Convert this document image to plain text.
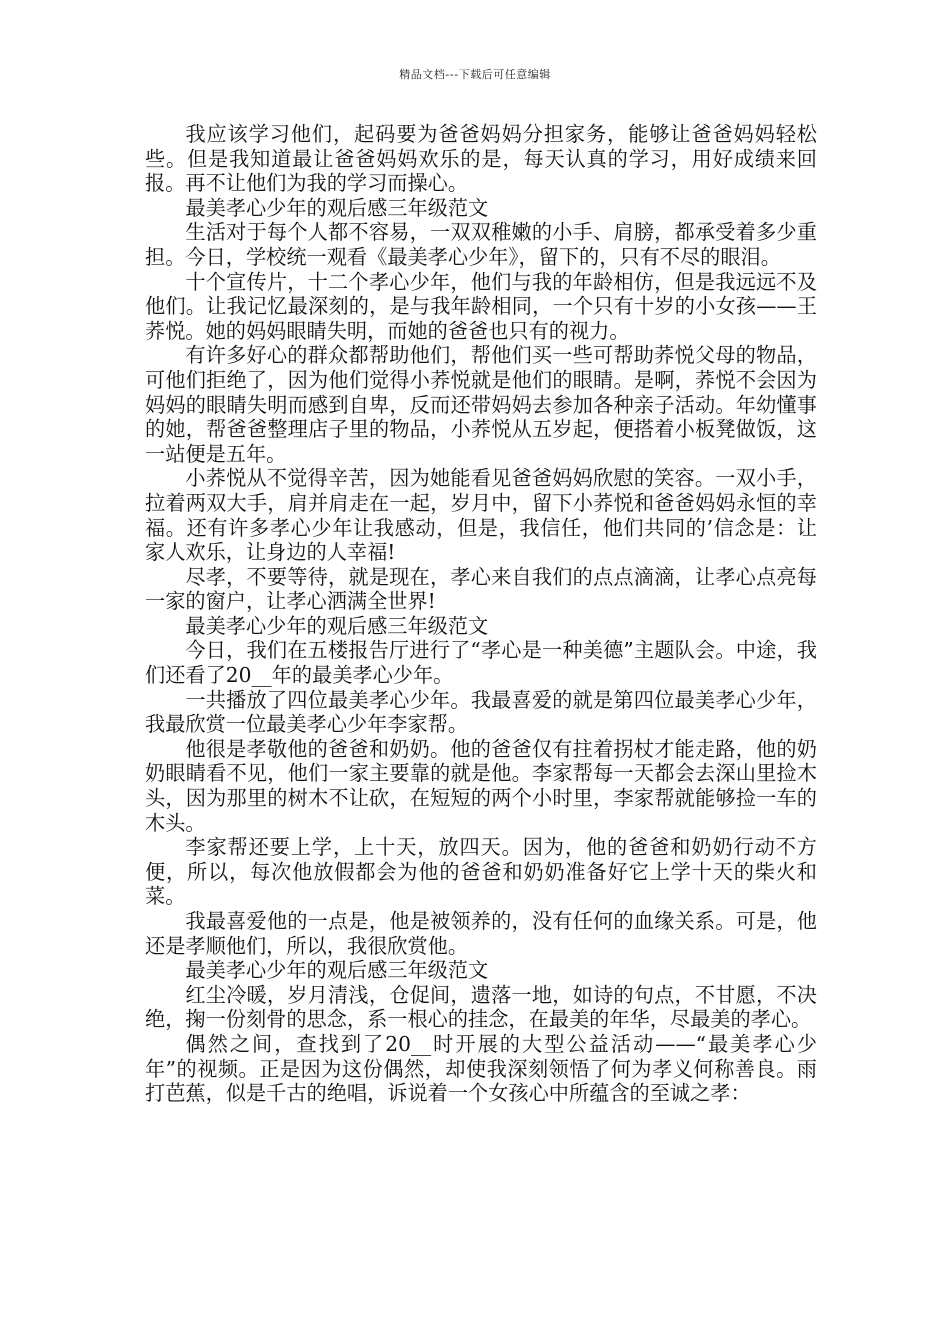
精品文档---下载后可任意编辑

我应该学习他们，起码要为爸爸妈妈分担家务，能够让爸爸妈妈轻松些。但是我知道最让爸爸妈妈欢乐的是，每天认真的学习，用好成绩来回报。再不让他们为我的学习而操心。

最美孝心少年的观后感三年级范文

生活对于每个人都不容易，一双双稚嫩的小手、肩膀，都承受着多少重担。今日，学校统一观看《最美孝心少年》，留下的，只有不尽的眼泪。

十个宣传片，十二个孝心少年，他们与我的年龄相仿，但是我远远不及他们。让我记忆最深刻的，是与我年龄相同，一个只有十岁的小女孩——王荞悦。她的妈妈眼睛失明，而她的爸爸也只有的视力。

有许多好心的群众都帮助他们，帮他们买一些可帮助荞悦父母的物品，可他们拒绝了，因为他们觉得小荞悦就是他们的眼睛。是啊，荞悦不会因为妈妈的眼睛失明而感到自卑，反而还带妈妈去参加各种亲子活动。年幼懂事的她，帮爸爸整理店子里的物品，小荞悦从五岁起，便搭着小板凳做饭，这一站便是五年。

小荞悦从不觉得辛苦，因为她能看见爸爸妈妈欣慰的笑容。一双小手，拉着两双大手，肩并肩走在一起，岁月中，留下小荞悦和爸爸妈妈永恒的幸福。还有许多孝心少年让我感动，但是，我信任，他们共同的’信念是：让家人欢乐，让身边的人幸福!

尽孝，不要等待，就是现在，孝心来自我们的点点滴滴，让孝心点亮每一家的窗户，让孝心洒满全世界!

最美孝心少年的观后感三年级范文

今日，我们在五楼报告厅进行了“孝心是一种美德”主题队会。中途，我们还看了20__年的最美孝心少年。

一共播放了四位最美孝心少年。我最喜爱的就是第四位最美孝心少年，我最欣赏一位最美孝心少年李家帮。

他很是孝敬他的爸爸和奶奶。他的爸爸仅有拄着拐杖才能走路，他的奶奶眼睛看不见，他们一家主要靠的就是他。李家帮每一天都会去深山里捡木头，因为那里的树木不让砍，在短短的两个小时里，李家帮就能够捡一车的木头。

李家帮还要上学，上十天，放四天。因为，他的爸爸和奶奶行动不方便，所以，每次他放假都会为他的爸爸和奶奶准备好它上学十天的柴火和菜。

我最喜爱他的一点是，他是被领养的，没有任何的血缘关系。可是，他还是孝顺他们，所以，我很欣赏他。

最美孝心少年的观后感三年级范文

红尘冷暖，岁月清浅，仓促间，遗落一地，如诗的句点，不甘愿，不决绝，掬一份刻骨的思念，系一根心的挂念，在最美的年华，尽最美的孝心。

偶然之间，查找到了20__时开展的大型公益活动——“最美孝心少年”的视频。正是因为这份偶然，却使我深刻领悟了何为孝义何称善良。雨打芭蕉，似是千古的绝唱，诉说着一个女孩心中所蕴含的至诚之孝：
